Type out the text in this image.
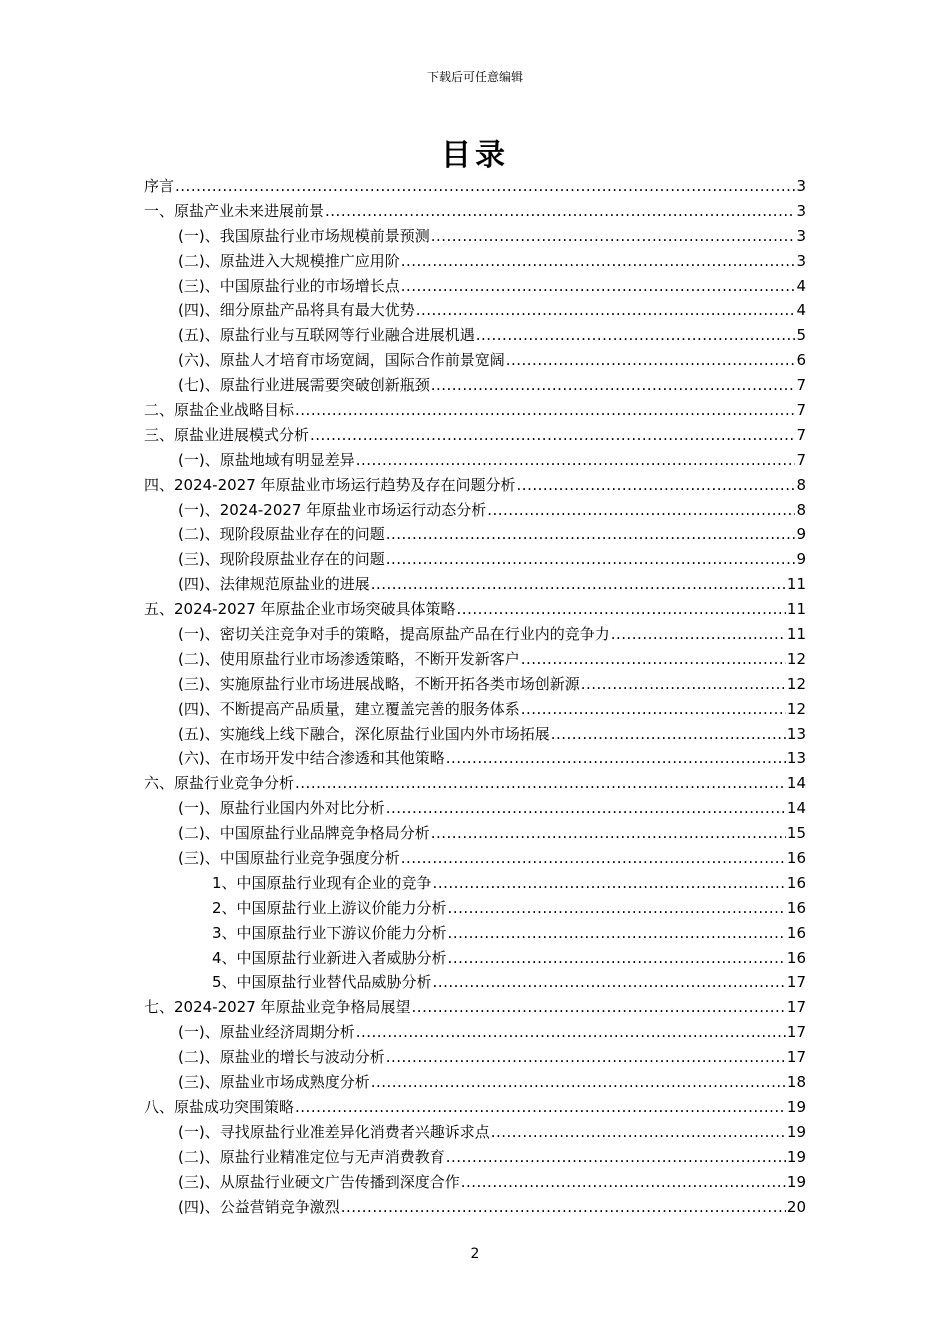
下载后可任意编辑
目录
序言 .....	3
一、原盐产业未来进展前景 .....	3
(一)、我国原盐行业市场规模前景预测 .....	3
(二)、原盐进入大规模推广应用阶 .....	3
(三)、中国原盐行业的市场增长点 .....	4
(四)、细分原盐产品将具有最大优势 .....	4
(五)、原盐行业与互联网等行业融合进展机遇 .....	5
(六)、原盐人才培育市场宽阔，国际合作前景宽阔 .....	6
(七)、原盐行业进展需要突破创新瓶颈 .....	7
二、原盐企业战略目标 .....	7
三、原盐业进展模式分析 .....	7
(一)、原盐地域有明显差异 .....	7
四、2024-2027 年原盐业市场运行趋势及存在问题分析 .....	8
(一)、2024-2027 年原盐业市场运行动态分析 .....	8
(二)、现阶段原盐业存在的问题 .....	9
(三)、现阶段原盐业存在的问题 .....	9
(四)、法律规范原盐业的进展 .....	11
五、2024-2027 年原盐企业市场突破具体策略 .....	11
(一)、密切关注竞争对手的策略，提高原盐产品在行业内的竞争力 .....	11
(二)、使用原盐行业市场渗透策略，不断开发新客户 .....	12
(三)、实施原盐行业市场进展战略，不断开拓各类市场创新源 .....	12
(四)、不断提高产品质量，建立覆盖完善的服务体系 .....	12
(五)、实施线上线下融合，深化原盐行业国内外市场拓展 .....	13
(六)、在市场开发中结合渗透和其他策略 .....	13
六、原盐行业竞争分析 .....	14
(一)、原盐行业国内外对比分析 .....	14
(二)、中国原盐行业品牌竞争格局分析 .....	15
(三)、中国原盐行业竞争强度分析 .....	16
1、中国原盐行业现有企业的竞争 .....	16
2、中国原盐行业上游议价能力分析 .....	16
3、中国原盐行业下游议价能力分析 .....	16
4、中国原盐行业新进入者威胁分析 .....	16
5、中国原盐行业替代品威胁分析 .....	17
七、2024-2027 年原盐业竞争格局展望 .....	17
(一)、原盐业经济周期分析 .....	17
(二)、原盐业的增长与波动分析 .....	17
(三)、原盐业市场成熟度分析 .....	18
八、原盐成功突围策略 .....	19
(一)、寻找原盐行业准差异化消费者兴趣诉求点 .....	19
(二)、原盐行业精准定位与无声消费教育 .....	19
(三)、从原盐行业硬文广告传播到深度合作 .....	19
(四)、公益营销竞争激烈 .....	20
2
